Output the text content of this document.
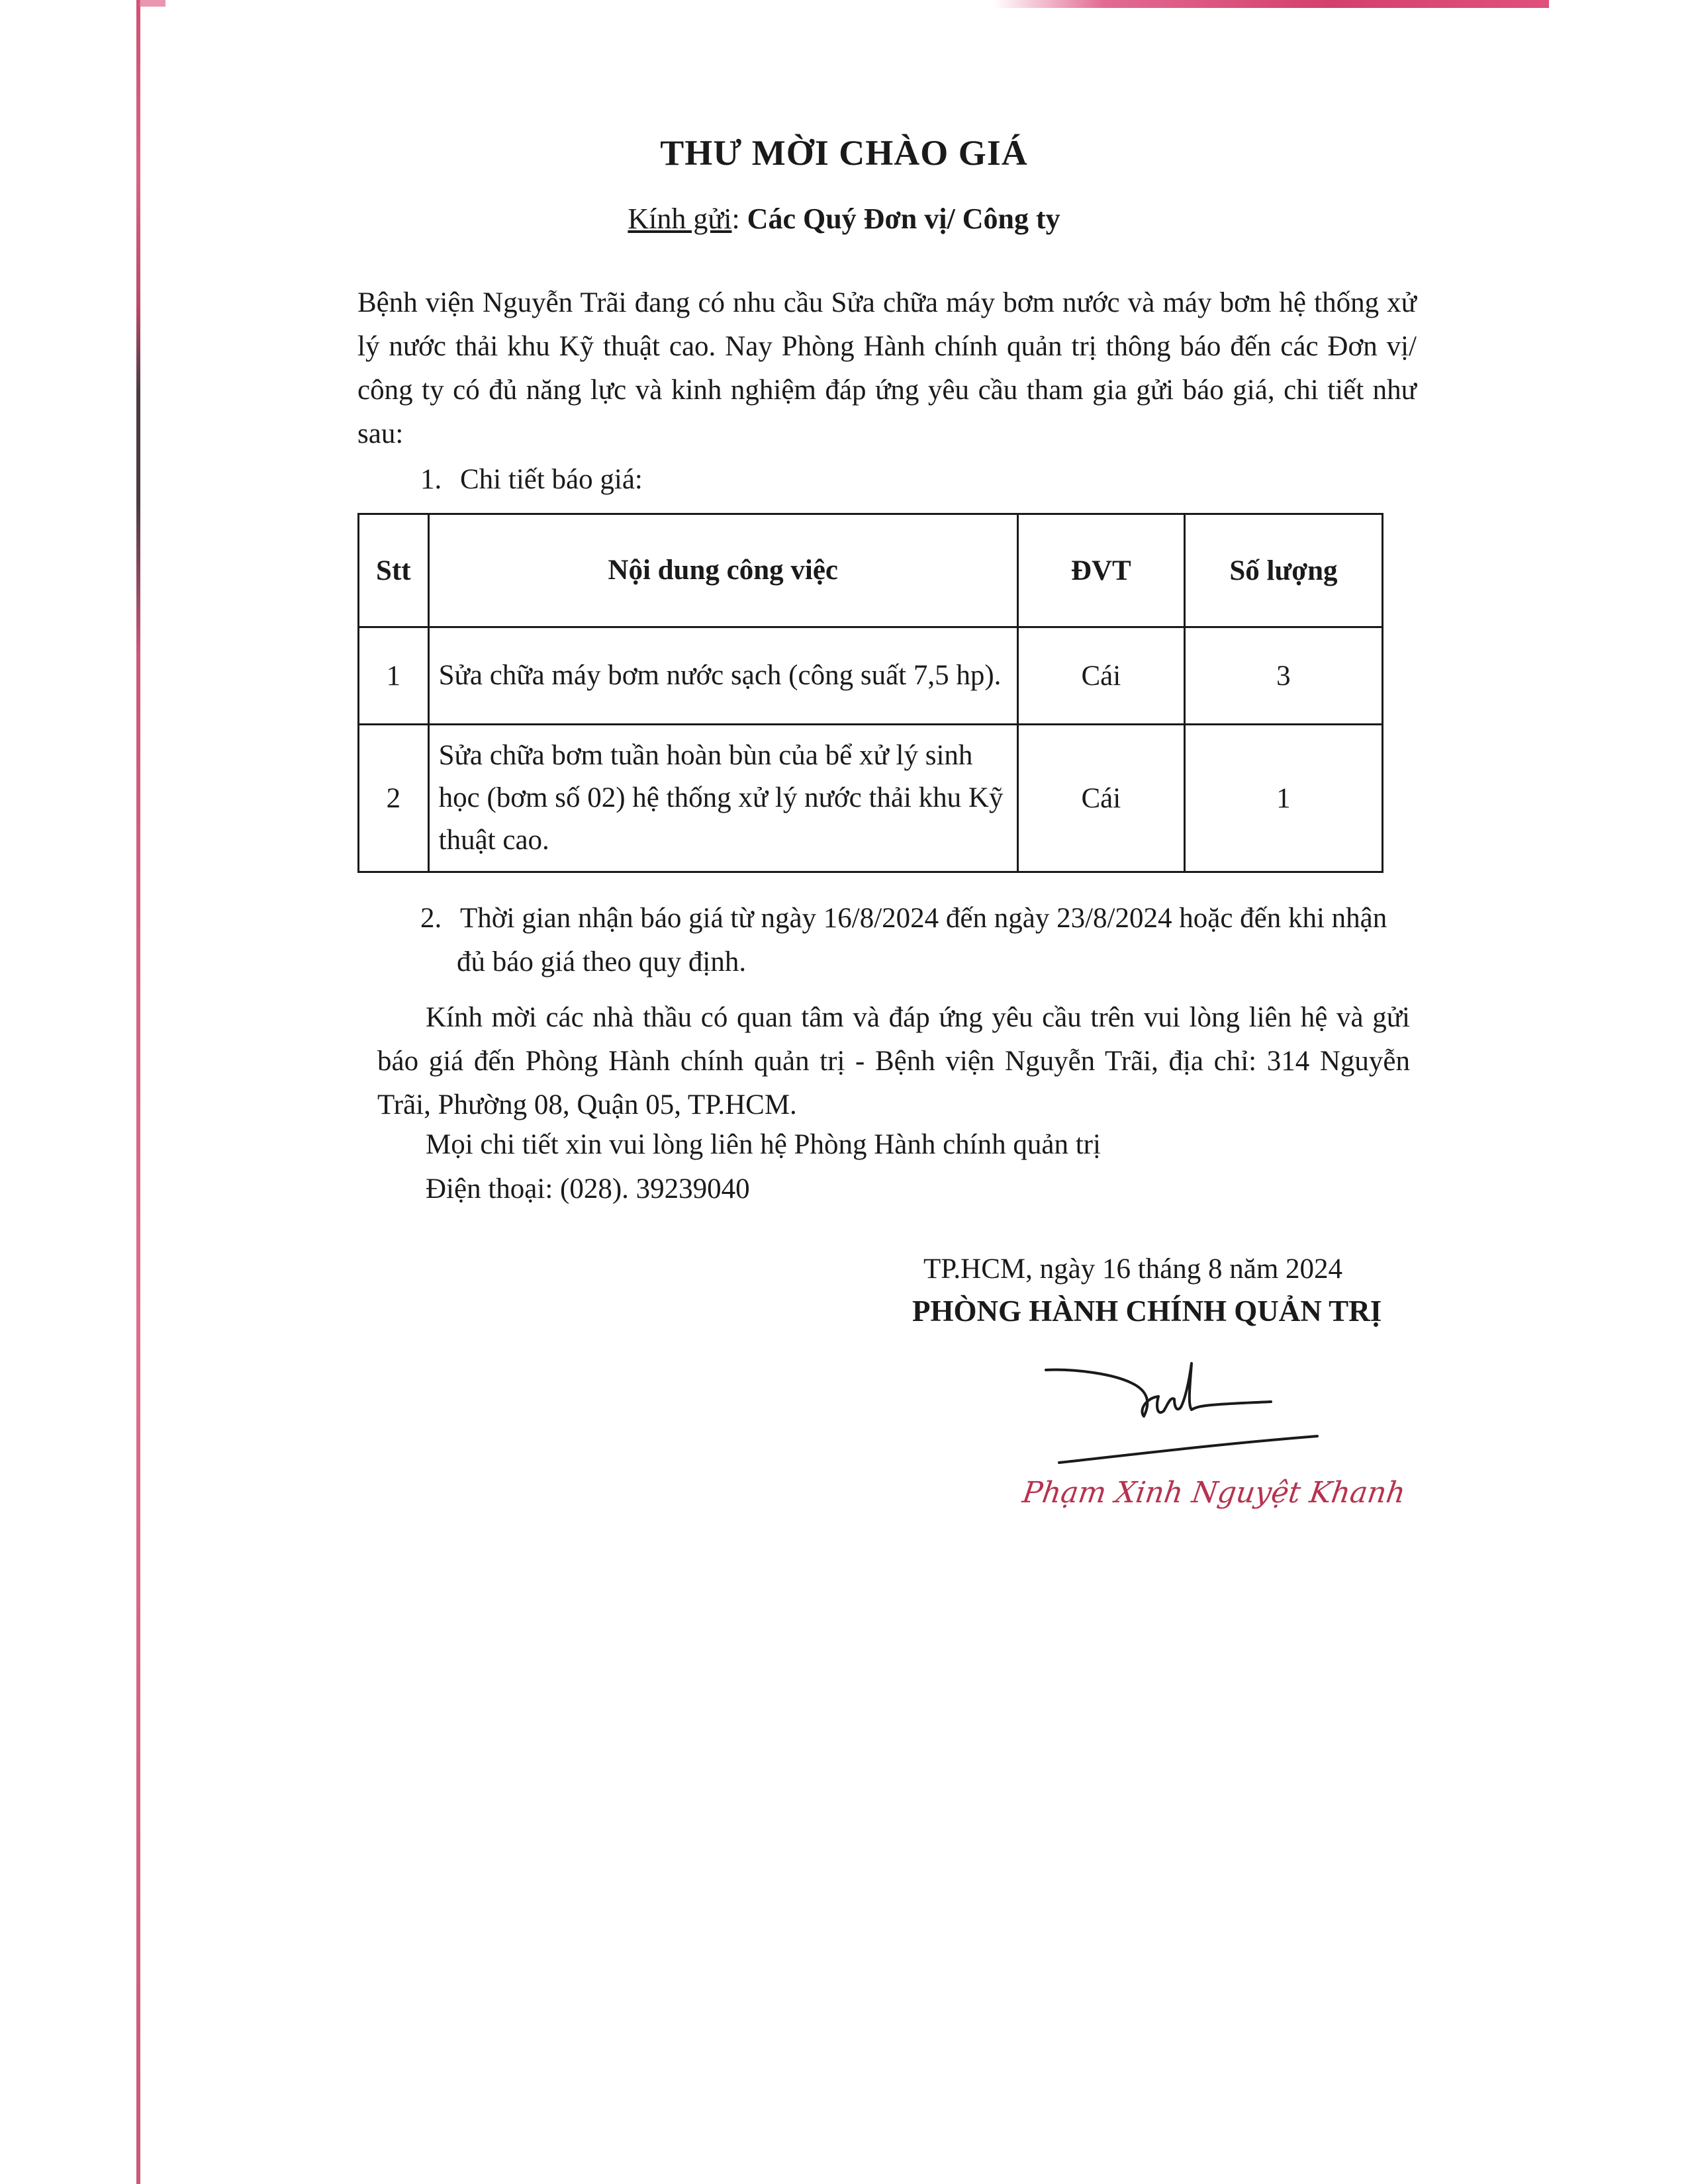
THƯ MỜI CHÀO GIÁ
Kính gửi: Các Quý Đơn vị/ Công ty
Bệnh viện Nguyễn Trãi đang có nhu cầu Sửa chữa máy bơm nước và máy bơm hệ thống xử lý nước thải khu Kỹ thuật cao. Nay Phòng Hành chính quản trị thông báo đến các Đơn vị/ công ty có đủ năng lực và kinh nghiệm đáp ứng yêu cầu tham gia gửi báo giá, chi tiết như sau:
1. Chi tiết báo giá:
Stt	Nội dung công việc	ĐVT	Số lượng
1	Sửa chữa máy bơm nước sạch (công suất 7,5 hp).	Cái	3
2	Sửa chữa bơm tuần hoàn bùn của bể xử lý sinh học (bơm số 02) hệ thống xử lý nước thải khu Kỹ thuật cao.	Cái	1
2. Thời gian nhận báo giá từ ngày 16/8/2024 đến ngày 23/8/2024 hoặc đến khi nhận
đủ báo giá theo quy định.
Kính mời các nhà thầu có quan tâm và đáp ứng yêu cầu trên vui lòng liên hệ và gửi báo giá đến Phòng Hành chính quản trị - Bệnh viện Nguyễn Trãi, địa chỉ: 314 Nguyễn Trãi, Phường 08, Quận 05, TP.HCM.
Mọi chi tiết xin vui lòng liên hệ Phòng Hành chính quản trị
Điện thoại: (028). 39239040
TP.HCM, ngày 16 tháng 8 năm 2024
PHÒNG HÀNH CHÍNH QUẢN TRỊ
Phạm Xinh Nguyệt Khanh
